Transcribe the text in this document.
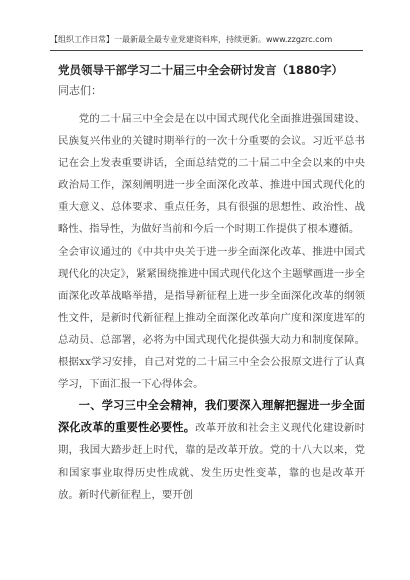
【组织工作日常】一最新最全最专业党建资料库，持续更新。www.zzgzrc.com
党员领导干部学习二十届三中全会研讨发言（1880字）
同志们：

党的二十届三中全会是在以中国式现代化全面推进强国建设、民族复兴伟业的关键时期举行的一次十分重要的会议。习近平总书记在会上发表重要讲话，全面总结党的二十届二中全会以来的中央政治局工作，深刻阐明进一步全面深化改革、推进中国式现代化的重大意义、总体要求、重点任务，具有很强的思想性、政治性、战略性、指导性，为做好当前和今后一个时期工作提供了根本遵循。

全会审议通过的《中共中央关于进一步全面深化改革、推进中国式现代化的决定》，紧紧围绕推进中国式现代化这个主题擘画进一步全面深化改革战略举措，是指导新征程上进一步全面深化改革的纲领性文件，是新时代新征程上推动全面深化改革向广度和深度进军的总动员、总部署，必将为中国式现代化提供强大动力和制度保障。根据xx学习安排，自己对党的二十届三中全会公报原文进行了认真学习，下面汇报一下心得体会。

一、学习三中全会精神，我们要深入理解把握进一步全面深化改革的重要性必要性。改革开放和社会主义现代化建设新时期，我国大踏步赶上时代，靠的是改革开放。党的十八大以来，党和国家事业取得历史性成就、发生历史性变革，靠的也是改革开放。新时代新征程上，要开创
